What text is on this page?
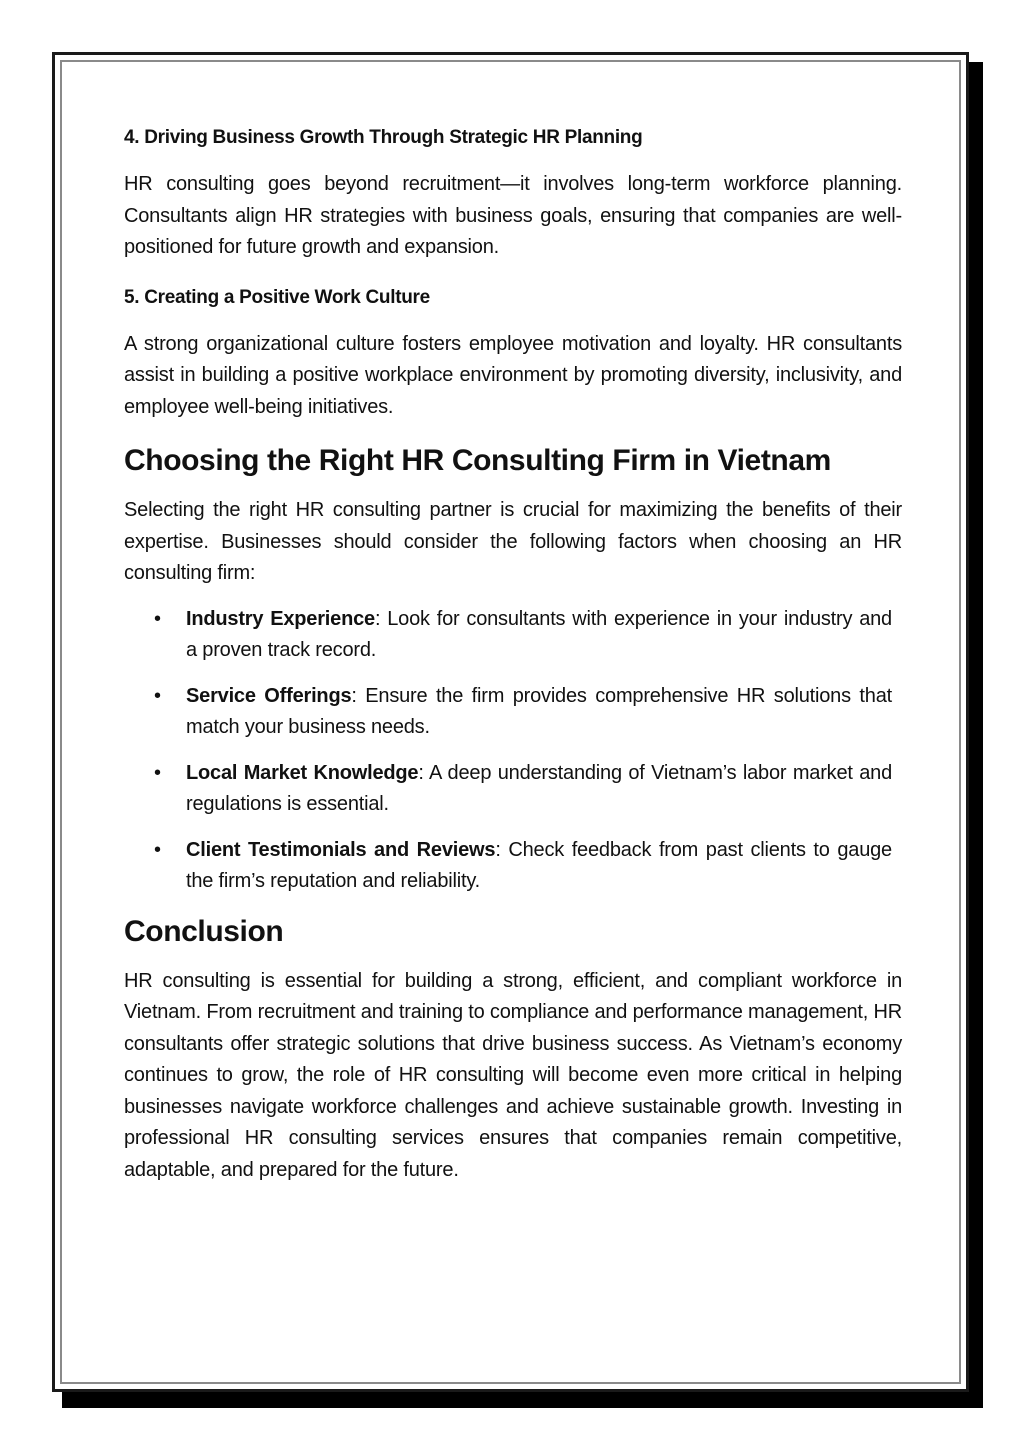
4. Driving Business Growth Through Strategic HR Planning

HR consulting goes beyond recruitment—it involves long-term workforce planning. Consultants align HR strategies with business goals, ensuring that companies are well-positioned for future growth and expansion.

5. Creating a Positive Work Culture

A strong organizational culture fosters employee motivation and loyalty. HR consultants assist in building a positive workplace environment by promoting diversity, inclusivity, and employee well-being initiatives.

Choosing the Right HR Consulting Firm in Vietnam

Selecting the right HR consulting partner is crucial for maximizing the benefits of their expertise. Businesses should consider the following factors when choosing an HR consulting firm:

• Industry Experience: Look for consultants with experience in your industry and a proven track record.
• Service Offerings: Ensure the firm provides comprehensive HR solutions that match your business needs.
• Local Market Knowledge: A deep understanding of Vietnam’s labor market and regulations is essential.
• Client Testimonials and Reviews: Check feedback from past clients to gauge the firm’s reputation and reliability.
Conclusion

HR consulting is essential for building a strong, efficient, and compliant workforce in Vietnam. From recruitment and training to compliance and performance management, HR consultants offer strategic solutions that drive business success. As Vietnam’s economy continues to grow, the role of HR consulting will become even more critical in helping businesses navigate workforce challenges and achieve sustainable growth. Investing in professional HR consulting services ensures that companies remain competitive, adaptable, and prepared for the future.
